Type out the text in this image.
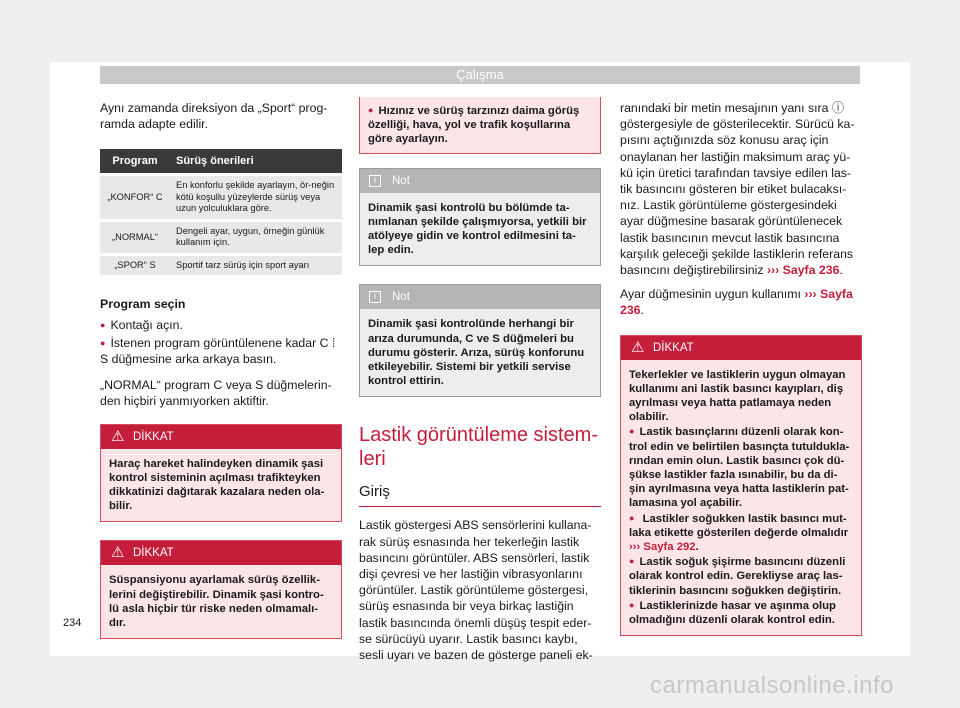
Çalışma

Aynı zamanda direksiyon da „Sport“ prog-ramda adapte edilir.

Program	Sürüş önerileri
„KONFOR“ C	En konforlu şekilde ayarlayın, ör-neğin kötü koşullu yüzeylerde sürüş veya uzun yolculuklara göre.
„NORMAL“	Dengeli ayar, uygun, örneğin günlük kullanım için.
„SPOR“ S	Sportif tarz sürüş için sport ayarı

Program seçin

● Kontağı açın.

● İstenen program görüntülenene kadar C ⁞ S düğmesine arka arkaya basın.

„NORMAL“ program C veya S düğmelerin-den hiçbiri yanmıyorken aktiftir.

⚠ DİKKAT

Haraç hareket halindeyken dinamik şasi kontrol sisteminin açılması trafikteyken dikkatinizi dağıtarak kazalara neden ola-bilir.

⚠ DİKKAT

Süspansiyonu ayarlamak sürüş özellik-lerini değiştirebilir. Dinamik şasi kontro-lü asla hiçbir tür riske neden olmamalı-dır.

● Hızınız ve sürüş tarzınızı daima görüş özelliği, hava, yol ve trafik koşullarına göre ayarlayın.

i	Not

Dinamik şasi kontrolü bu bölümde ta-nımlanan şekilde çalışmıyorsa, yetkili bir atölyeye gidin ve kontrol edilmesini ta-lep edin.

i	Not

Dinamik şasi kontrolünde herhangi bir arıza durumunda, C ve S düğmeleri bu durumu gösterir. Arıza, sürüş konforunu etkileyebilir. Sistemi bir yetkili servise kontrol ettirin.

Lastik görüntüleme sistem-leri
Giriş

Lastik göstergesi ABS sensörlerini kullana-rak sürüş esnasında her tekerleğin lastik basıncını görüntüler. ABS sensörleri, lastik dişi çevresi ve her lastiğin vibrasyonlarını görüntüler. Lastik görüntüleme göstergesi, sürüş esnasında bir veya birkaç lastiğin lastik basıncında önemli düşüş tespit eder-se sürücüyü uyarır. Lastik basıncı kaybı, sesli uyarı ve bazen de gösterge paneli ek-

ranındaki bir metin mesajının yanı sıra ⓘ göstergesiyle de gösterilecektir. Sürücü ka-pısını açtığınızda söz konusu araç için onaylanan her lastiğin maksimum araç yü-kü için üretici tarafından tavsiye edilen las-tik basıncını gösteren bir etiket bulacaksı-nız. Lastik görüntüleme göstergesindeki ayar düğmesine basarak görüntülenecek lastik basıncının mevcut lastik basıncına karşılık geleceği şekilde lastiklerin referans basıncını değiştirebilirsiniz ››› Sayfa 236.

Ayar düğmesinin uygun kullanımı ››› Sayfa 236.

⚠ DİKKAT

Tekerlekler ve lastiklerin uygun olmayan kullanımı ani lastik basıncı kayıpları, diş ayrılması veya hatta patlamaya neden olabilir.

● Lastik basınçlarını düzenli olarak kon-trol edin ve belirtilen basınçta tutuldukla-rından emin olun. Lastik basıncı çok dü-şükse lastikler fazla ısınabilir, bu da di-şin ayrılmasına veya hatta lastiklerin pat-lamasına yol açabilir.

● Lastikler soğukken lastik basıncı mut-laka etikette gösterilen değerde olmalıdır ››› Sayfa 292.

● Lastik soğuk şişirme basıncını düzenli olarak kontrol edin. Gerekliyse araç las-tiklerinin basıncını soğukken değiştirin.

● Lastiklerinizde hasar ve aşınma olup olmadığını düzenli olarak kontrol edin.

234
carmanualsonline.info
